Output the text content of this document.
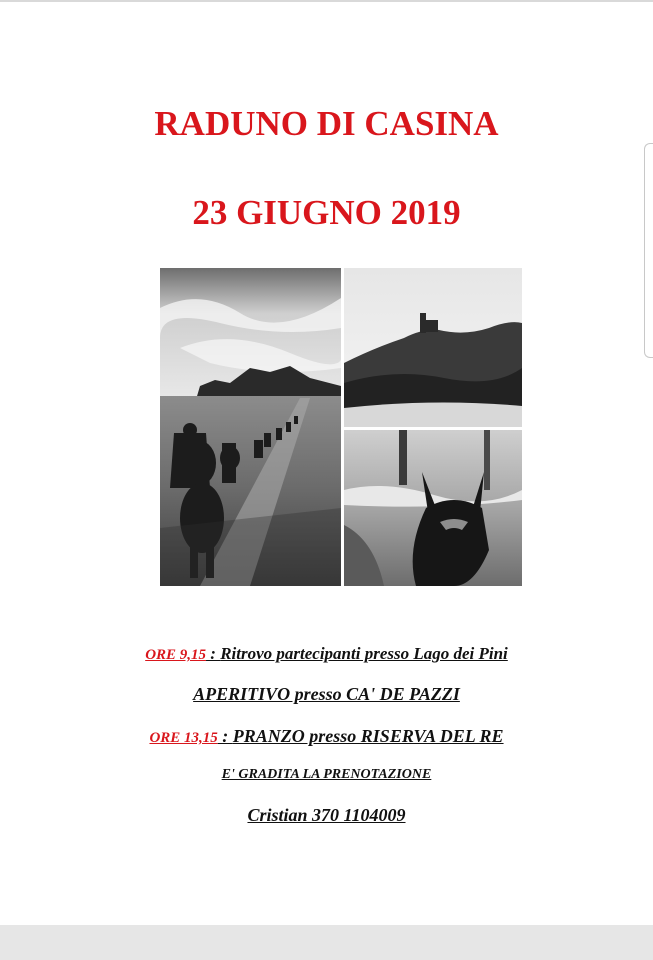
RADUNO DI CASINA
23 GIUGNO 2019
ORE 9,15 : Ritrovo partecipanti presso Lago dei Pini
APERITIVO presso CA' DE PAZZI
ORE 13,15 : PRANZO presso RISERVA DEL RE
E' GRADITA LA PRENOTAZIONE
Cristian 370 1104009
